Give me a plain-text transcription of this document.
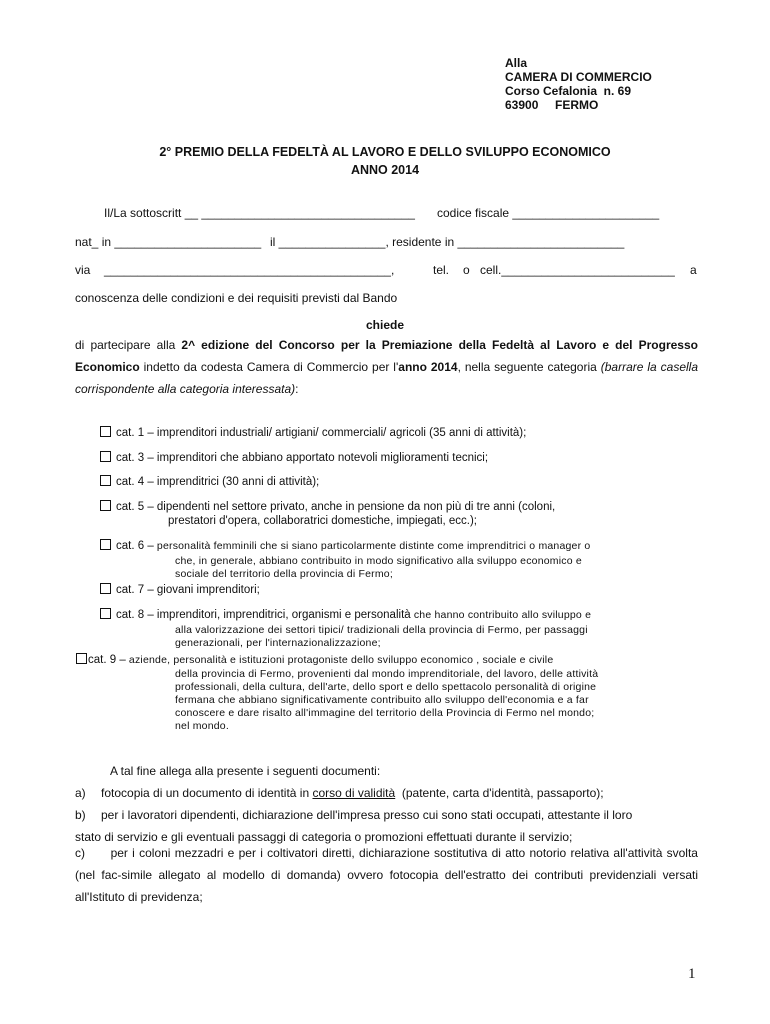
Alla
CAMERA DI COMMERCIO
Corso Cefalonia  n. 69
63900     FERMO
2° PREMIO DELLA FEDELTÀ AL LAVORO E DELLO SVILUPPO ECONOMICO
ANNO 2014
Il/La sottoscritt __ ________________________________ codice fiscale ______________________
nat_ in ______________________ il ________________, residente in _________________________
via ___________________________________________,	tel. o cell.__________________________ a
conoscenza delle condizioni e dei requisiti previsti dal Bando
chiede
di partecipare alla 2^ edizione del Concorso per la Premiazione della Fedeltà al Lavoro e del Progresso Economico indetto da codesta Camera di Commercio per l'anno 2014, nella seguente categoria (barrare la casella corrispondente alla categoria interessata):
cat. 1 – imprenditori industriali/ artigiani/ commerciali/ agricoli (35 anni di attività);
cat. 3 – imprenditori che abbiano apportato notevoli miglioramenti tecnici;
cat. 4 – imprenditrici (30 anni di attività);
cat. 5 – dipendenti nel settore privato, anche in pensione da non più di tre anni (coloni,
prestatori d'opera, collaboratrici domestiche, impiegati, ecc.);
cat. 6 – personalità femminili che si siano particolarmente distinte come imprenditrici o manager o
che, in generale, abbiano contribuito in modo significativo alla sviluppo economico e
sociale del territorio della provincia di Fermo;
cat. 7 – giovani imprenditori;
cat. 8 – imprenditori, imprenditrici, organismi e personalità che hanno contribuito allo sviluppo e
alla valorizzazione dei settori tipici/ tradizionali della provincia di Fermo, per passaggi
generazionali, per l'internazionalizzazione;
cat. 9 – aziende, personalità e istituzioni protagoniste dello sviluppo economico , sociale e civile
della provincia di Fermo, provenienti dal mondo imprenditoriale, del lavoro, delle attività
professionali, della cultura, dell'arte, dello sport e dello spettacolo personalità di origine
fermana che abbiano significativamente contribuito allo sviluppo dell'economia e a far
conoscere e dare risalto all'immagine del territorio della Provincia di Fermo nel mondo;
nel mondo.
A tal fine allega alla presente i seguenti documenti:
a) fotocopia di un documento di identità in corso di validità  (patente, carta d'identità, passaporto);
b) per i lavoratori dipendenti, dichiarazione dell'impresa presso cui sono stati occupati, attestante il loro
stato di servizio e gli eventuali passaggi di categoria o promozioni effettuati durante il servizio;
c) per i coloni mezzadri e per i coltivatori diretti, dichiarazione sostitutiva di atto notorio relativa all'attività svolta (nel fac-simile allegato al modello di domanda) ovvero fotocopia dell'estratto dei contributi previdenziali versati all'Istituto di previdenza;
1
